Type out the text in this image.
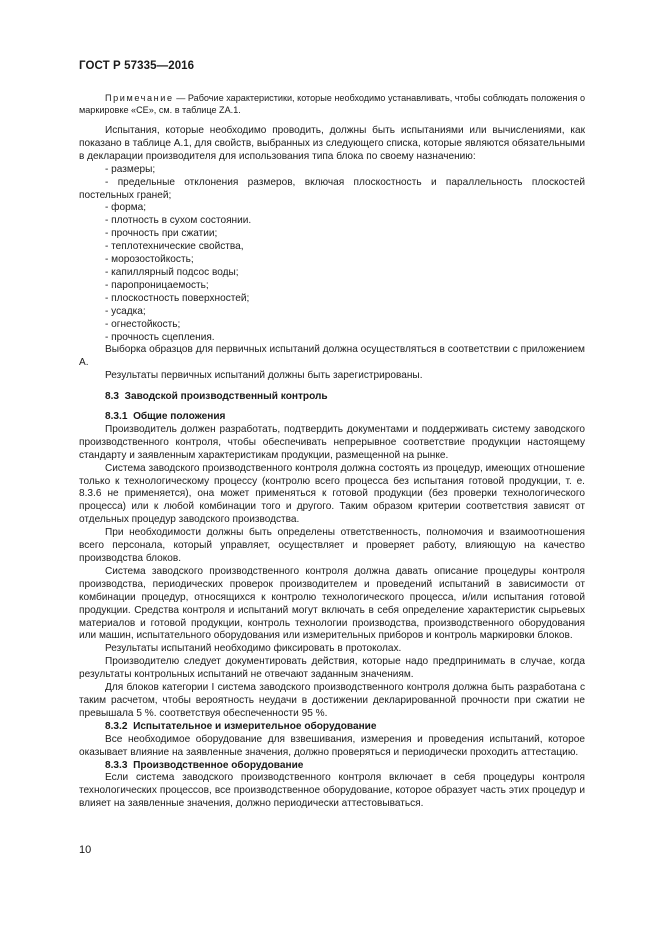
ГОСТ Р 57335—2016

Примечание — Рабочие характеристики, которые необходимо устанавливать, чтобы соблюдать положения о маркировке «CE», см. в таблице ZA.1.

Испытания, которые необходимо проводить, должны быть испытаниями или вычислениями, как показано в таблице А.1, для свойств, выбранных из следующего списка, которые являются обязательными в декларации производителя для использования типа блока по своему назначению:

- размеры;
- предельные отклонения размеров, включая плоскостность и параллельность плоскостей постельных граней;
- форма;
- плотность в сухом состоянии.
- прочность при сжатии;
- теплотехнические свойства,
- морозостойкость;
- капиллярный подсос воды;
- паропроницаемость;
- плоскостность поверхностей;
- усадка;
- огнестойкость;
- прочность сцепления.

Выборка образцов для первичных испытаний должна осуществляться в соответствии с приложением А.

Результаты первичных испытаний должны быть зарегистрированы.

8.3 Заводской производственный контроль

8.3.1 Общие положения

Производитель должен разработать, подтвердить документами и поддерживать систему заводского производственного контроля, чтобы обеспечивать непрерывное соответствие продукции настоящему стандарту и заявленным характеристикам продукции, размещенной на рынке.

Система заводского производственного контроля должна состоять из процедур, имеющих отношение только к технологическому процессу (контролю всего процесса без испытания готовой продукции, т. е. 8.3.6 не применяется), она может применяться к готовой продукции (без проверки технологического процесса) или к любой комбинации того и другого. Таким образом критерии соответствия зависят от отдельных процедур заводского производства.

При необходимости должны быть определены ответственность, полномочия и взаимоотношения всего персонала, который управляет, осуществляет и проверяет работу, влияющую на качество производства блоков.

Система заводского производственного контроля должна давать описание процедуры контроля производства, периодических проверок производителем и проведений испытаний в зависимости от комбинации процедур, относящихся к контролю технологического процесса, и/или испытания готовой продукции. Средства контроля и испытаний могут включать в себя определение характеристик сырьевых материалов и готовой продукции, контроль технологии производства, производственного оборудования или машин, испытательного оборудования или измерительных приборов и контроль маркировки блоков.

Результаты испытаний необходимо фиксировать в протоколах.

Производителю следует документировать действия, которые надо предпринимать в случае, когда результаты контрольных испытаний не отвечают заданным значениям.

Для блоков категории I система заводского производственного контроля должна быть разработана с таким расчетом, чтобы вероятность неудачи в достижении декларированной прочности при сжатии не превышала 5 %. соответствуя обеспеченности 95 %.

8.3.2 Испытательное и измерительное оборудование

Все необходимое оборудование для взвешивания, измерения и проведения испытаний, которое оказывает влияние на заявленные значения, должно проверяться и периодически проходить аттестацию.

8.3.3 Производственное оборудование

Если система заводского производственного контроля включает в себя процедуры контроля технологических процессов, все производственное оборудование, которое образует часть этих процедур и влияет на заявленные значения, должно периодически аттестовываться.

10
